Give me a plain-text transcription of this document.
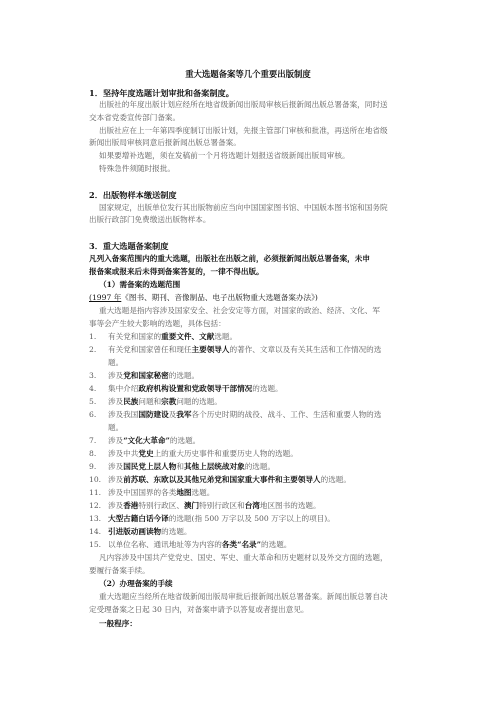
重大选题备案等几个重要出版制度
1．坚持年度选题计划审批和备案制度。
出版社的年度出版计划应经所在地省级新闻出版局审核后报新闻出版总署备案，同时送
交本省党委宣传部门备案。
出版社应在上一年第四季度制订出版计划，先报主管部门审核和批准，再送所在地省级
新闻出版局审核同意后报新闻出版总署备案。
如果要增补选题，须在发稿前一个月将选题计划报送省级新闻出版局审核。
特殊急件须随时报批。
2．出版物样本缴送制度
国家规定，出版单位发行其出版物前应当向中国国家图书馆、中国版本图书馆和国务院
出版行政部门免费缴送出版物样本。
3．重大选题备案制度
凡列入备案范围内的重大选题，出版社在出版之前，必须报新闻出版总署备案，未申
报备案或报来后未得到备案答复的，一律不得出版。
（1）需备案的选题范围
(1997 年《图书、期刊、音像制品、电子出版物重大选题备案办法》)
重大选题是指内容涉及国家安全、社会安定等方面，对国家的政治、经济、文化、军
事等会产生较大影响的选题，具体包括：
1.	有关党和国家的重要文件、文献选题。
2.	有关党和国家曾任和现任主要领导人的著作、文章以及有关其生活和工作情况的选
题。
3.	涉及党和国家秘密的选题。
4.	集中介绍政府机构设置和党政领导干部情况的选题。
5.	涉及民族问题和宗教问题的选题。
6.	涉及我国国防建设及我军各个历史时期的战役、战斗、工作、生活和重要人物的选
题。
7.	涉及“文化大革命”的选题。
8.	涉及中共党史上的重大历史事件和重要历史人物的选题。
9.	涉及国民党上层人物和其他上层统战对象的选题。
10. 涉及前苏联、东欧以及其他兄弟党和国家重大事件和主要领导人的选题。
11. 涉及中国国界的各类地图选题。
12. 涉及香港特别行政区、澳门特别行政区和台湾地区图书的选题。
13. 大型古籍白话今译的选题(指 500 万字以及 500 万字以上的项目)。
14. 引进版动画读物的选题。
15. 以单位名称、通讯地址等为内容的各类“名录”的选题。
凡内容涉及中国共产党党史、国史、军史、重大革命和历史题材以及外交方面的选题，
要履行备案手续。
（2）办理备案的手续
重大选题应当经所在地省级新闻出版局审批后报新闻出版总署备案。新闻出版总署自决
定受理备案之日起 30 日内，对备案申请予以答复或者提出意见。
一般程序：
